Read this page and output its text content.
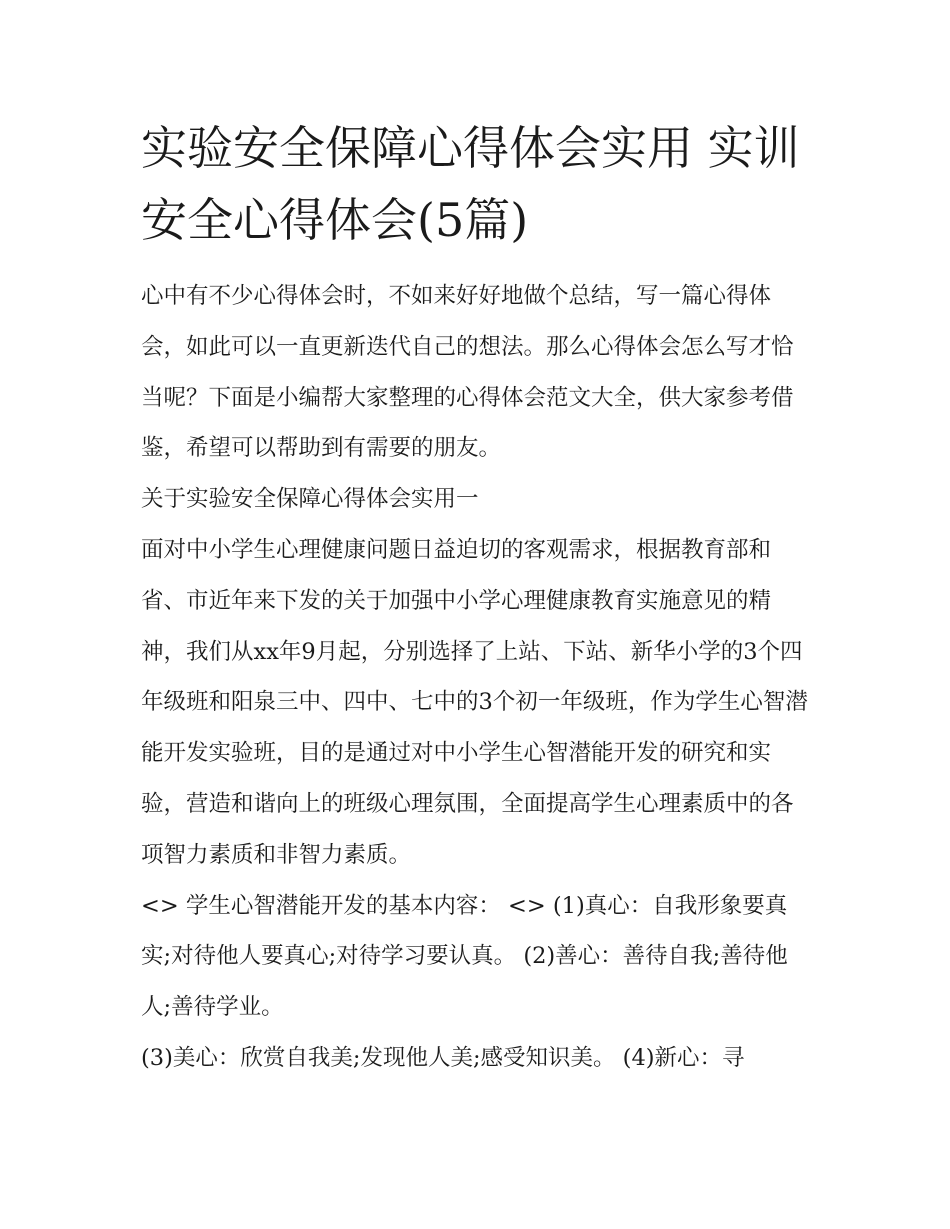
实验安全保障心得体会实用 实训安全心得体会(5篇)

心中有不少心得体会时，不如来好好地做个总结，写一篇心得体会，如此可以一直更新迭代自己的想法。那么心得体会怎么写才恰当呢？下面是小编帮大家整理的心得体会范文大全，供大家参考借鉴，希望可以帮助到有需要的朋友。

关于实验安全保障心得体会实用一

面对中小学生心理健康问题日益迫切的客观需求，根据教育部和省、市近年来下发的关于加强中小学心理健康教育实施意见的精神，我们从xx年9月起，分别选择了上站、下站、新华小学的3个四年级班和阳泉三中、四中、七中的3个初一年级班，作为学生心智潜能开发实验班，目的是通过对中小学生心智潜能开发的研究和实验，营造和谐向上的班级心理氛围，全面提高学生心理素质中的各项智力素质和非智力素质。

<> 学生心智潜能开发的基本内容： <> (1)真心：自我形象要真实;对待他人要真心;对待学习要认真。 (2)善心：善待自我;善待他人;善待学业。

(3)美心：欣赏自我美;发现他人美;感受知识美。 (4)新心：寻
